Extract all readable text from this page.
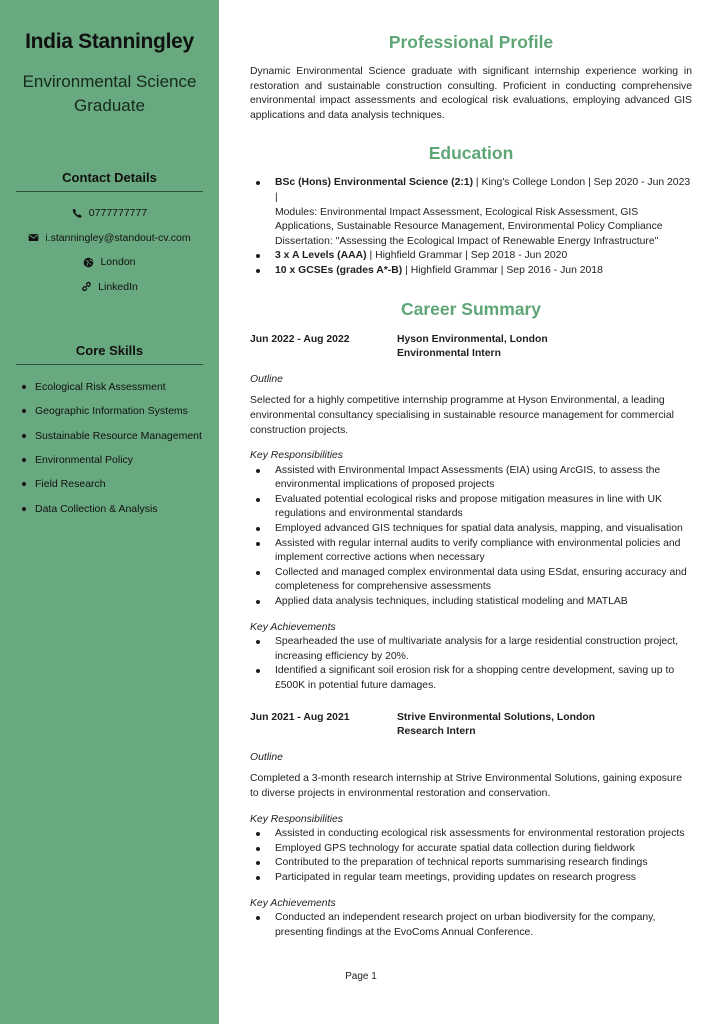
India Stanningley
Environmental Science Graduate
Contact Details
0777777777
i.stanningley@standout-cv.com
London
LinkedIn
Core Skills
Ecological Risk Assessment
Geographic Information Systems
Sustainable Resource Management
Environmental Policy
Field Research
Data Collection & Analysis
Professional Profile

Dynamic Environmental Science graduate with significant internship experience working in restoration and sustainable construction consulting. Proficient in conducting comprehensive environmental impact assessments and ecological risk evaluations, employing advanced GIS applications and data analysis techniques.

Education
BSc (Hons) Environmental Science (2:1) | King's College London | Sep 2020 - Jun 2023 |
Modules: Environmental Impact Assessment, Ecological Risk Assessment, GIS Applications, Sustainable Resource Management, Environmental Policy Compliance
Dissertation: "Assessing the Ecological Impact of Renewable Energy Infrastructure"
3 x A Levels (AAA) | Highfield Grammar | Sep 2018 - Jun 2020
10 x GCSEs (grades A*-B) | Highfield Grammar | Sep 2016 - Jun 2018
Career Summary
Jun 2022 - Aug 2022	Hyson Environmental, London
Environmental Intern
Outline

Selected for a highly competitive internship programme at Hyson Environmental, a leading environmental consultancy specialising in sustainable resource management for commercial construction projects.

Key Responsibilities
Assisted with Environmental Impact Assessments (EIA) using ArcGIS, to assess the environmental implications of proposed projects
Evaluated potential ecological risks and propose mitigation measures in line with UK regulations and environmental standards
Employed advanced GIS techniques for spatial data analysis, mapping, and visualisation
Assisted with regular internal audits to verify compliance with environmental policies and implement corrective actions when necessary
Collected and managed complex environmental data using ESdat, ensuring accuracy and completeness for comprehensive assessments
Applied data analysis techniques, including statistical modeling and MATLAB
Key Achievements
Spearheaded the use of multivariate analysis for a large residential construction project, increasing efficiency by 20%.
Identified a significant soil erosion risk for a shopping centre development, saving up to £500K in potential future damages.
Jun 2021 - Aug 2021	Strive Environmental Solutions, London
Research Intern
Outline

Completed a 3-month research internship at Strive Environmental Solutions, gaining exposure to diverse projects in environmental restoration and conservation.

Key Responsibilities
Assisted in conducting ecological risk assessments for environmental restoration projects
Employed GPS technology for accurate spatial data collection during fieldwork
Contributed to the preparation of technical reports summarising research findings
Participated in regular team meetings, providing updates on research progress
Key Achievements
Conducted an independent research project on urban biodiversity for the company, presenting findings at the EvoComs Annual Conference.
Page 1
